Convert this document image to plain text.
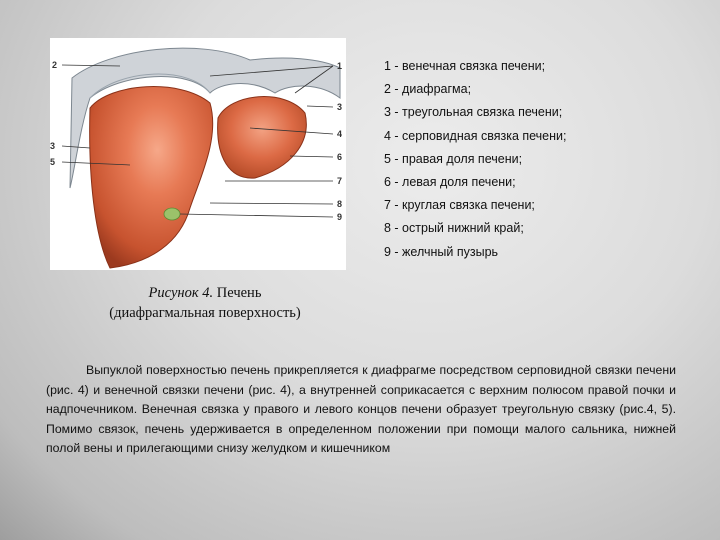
2
3
5
1
3
4
6
7
8
9
1 - венечная связка печени;
2 - диафрагма;
3 - треугольная связка печени;
4 - серповидная связка печени;
5 - правая доля печени;
6 - левая доля печени;
7 - круглая связка печени;
8 - острый нижний край;
9 - желчный пузырь
Рисунок 4. Печень
(диафрагмальная поверхность)

Выпуклой поверхностью печень прикрепляется к диафрагме посредством серповидной связки печени (рис. 4) и венечной связки печени (рис. 4), а внутренней соприкасается с верхним полюсом правой почки и надпочечником. Венечная связка у правого и левого концов печени образует треугольную связку (рис.4, 5). Помимо связок, печень удерживается в определенном положении при помощи малого сальника, нижней полой вены и прилегающими снизу желудком и кишечником
